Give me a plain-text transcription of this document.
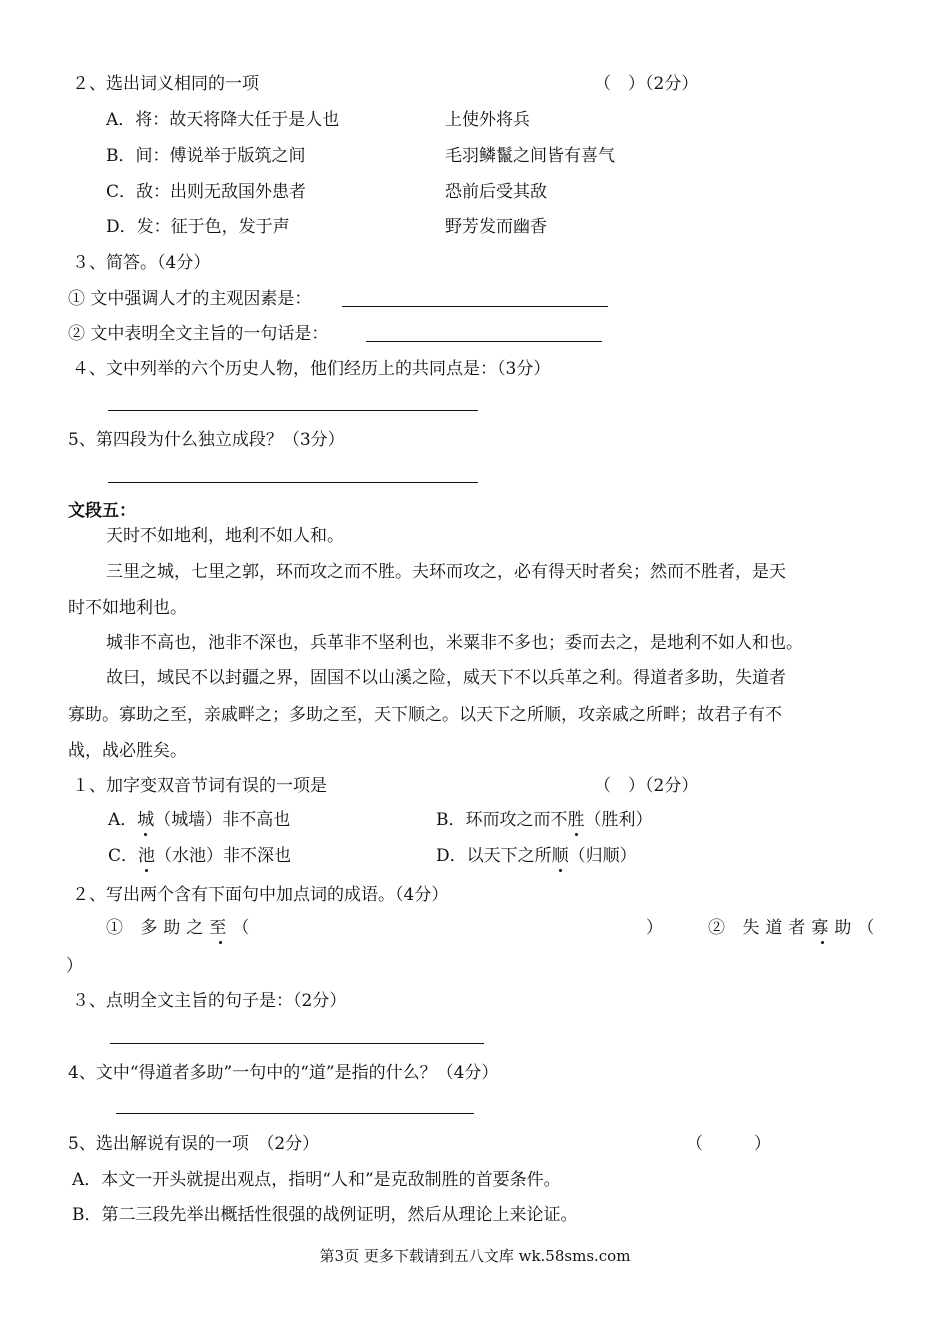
２、选出词义相同的一项	（　）（2分）
A．将：故天将降大任于是人也	上使外将兵
B．间：傅说举于版筑之间	毛羽鳞鬣之间皆有喜气
C．敌：出则无敌国外患者	恐前后受其敌
D．发：征于色，发于声	野芳发而幽香
３、简答。（4分）
① 文中强调人才的主观因素是：
② 文中表明全文主旨的一句话是：
４、文中列举的六个历史人物，他们经历上的共同点是：（3分）
5、第四段为什么独立成段？（3分）
文段五：
天时不如地利，地利不如人和。
三里之城，七里之郭，环而攻之而不胜。夫环而攻之，必有得天时者矣；然而不胜者，是天
时不如地利也。
城非不高也，池非不深也，兵革非不坚利也，米粟非不多也；委而去之，是地利不如人和也。
故曰，域民不以封疆之界，固国不以山溪之险，威天下不以兵革之利。得道者多助，失道者
寡助。寡助之至，亲戚畔之；多助之至，天下顺之。以天下之所顺，攻亲戚之所畔；故君子有不
战，战必胜矣。
１、加字变双音节词有误的一项是	（　）（2分）
A．城（城墙）非不高也	B．环而攻之而不胜（胜利）
C．池（水池）非不深也	D．以天下之所顺（归顺）
２、写出两个含有下面句中加点词的成语。（4分）
① 多助之至（	）	② 失道者寡助（
）
３、点明全文主旨的句子是：（2分）
4、文中“得道者多助”一句中的“道”是指的什么？（4分）
5、选出解说有误的一项　（2分）	（　　　）
A．本文一开头就提出观点，指明“人和”是克敌制胜的首要条件。
B．第二三段先举出概括性很强的战例证明，然后从理论上来论证。
第3页 更多下载请到五八文库 wk.58sms.com
